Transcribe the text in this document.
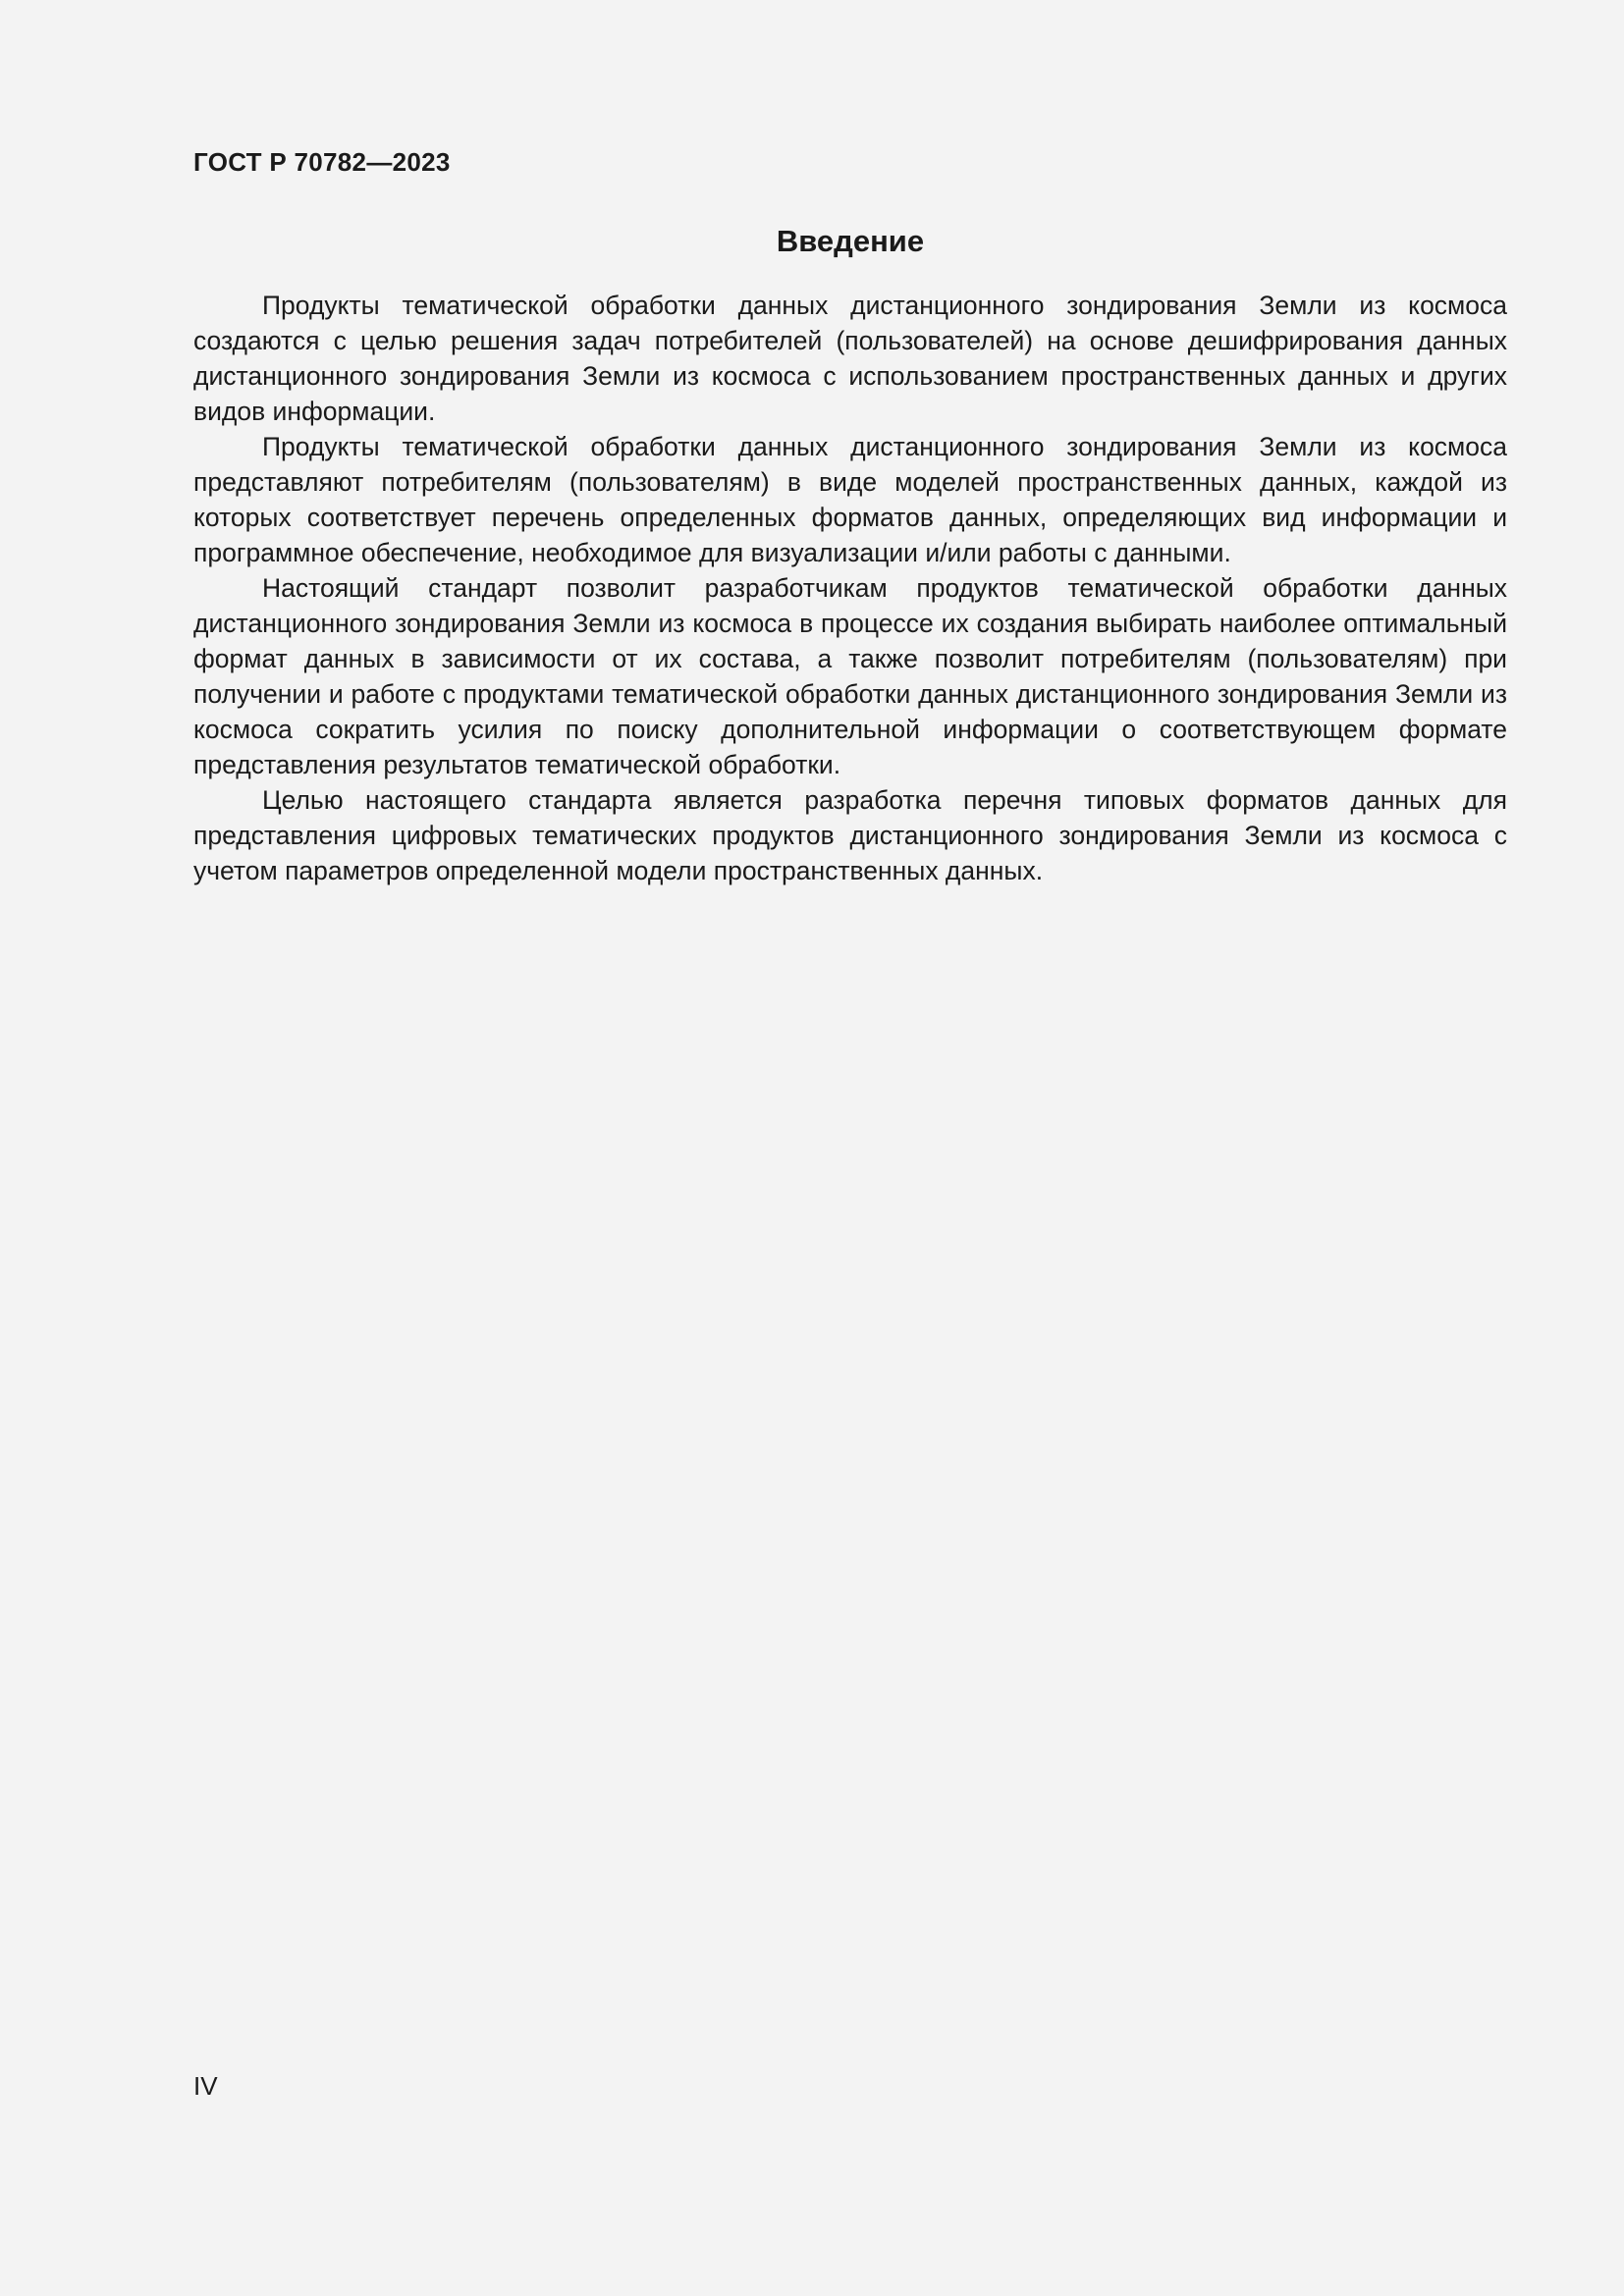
ГОСТ Р 70782—2023
Введение

Продукты тематической обработки данных дистанционного зондирования Земли из космоса создаются с целью решения задач потребителей (пользователей) на основе дешифрирования данных дистанционного зондирования Земли из космоса с использованием пространственных данных и других видов информации.

Продукты тематической обработки данных дистанционного зондирования Земли из космоса представляют потребителям (пользователям) в виде моделей пространственных данных, каждой из которых соответствует перечень определенных форматов данных, определяющих вид информации и программное обеспечение, необходимое для визуализации и/или работы с данными.

Настоящий стандарт позволит разработчикам продуктов тематической обработки данных дистанционного зондирования Земли из космоса в процессе их создания выбирать наиболее оптимальный формат данных в зависимости от их состава, а также позволит потребителям (пользователям) при получении и работе с продуктами тематической обработки данных дистанционного зондирования Земли из космоса сократить усилия по поиску дополнительной информации о соответствующем формате представления результатов тематической обработки.

Целью настоящего стандарта является разработка перечня типовых форматов данных для представления цифровых тематических продуктов дистанционного зондирования Земли из космоса с учетом параметров определенной модели пространственных данных.

IV
